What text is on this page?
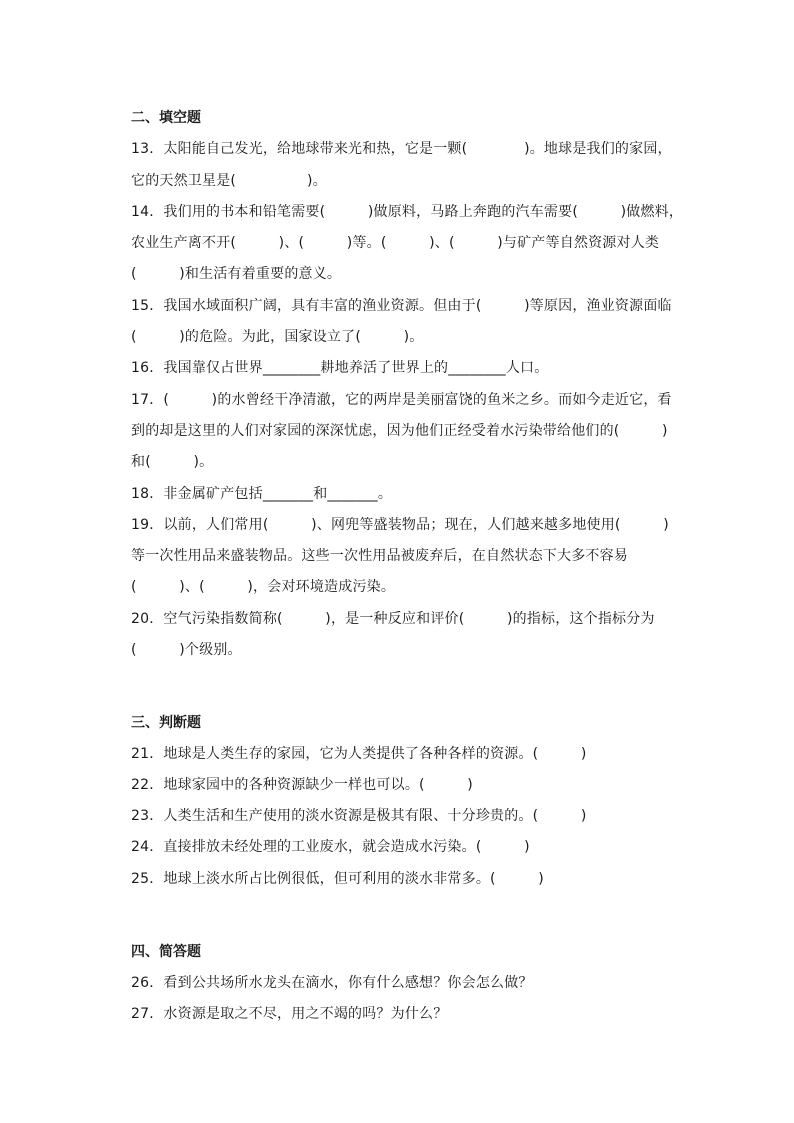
二、填空题
13．太阳能自己发光，给地球带来光和热，它是一颗(　　　　)。地球是我们的家园，
它的天然卫星是(　　　　　)。
14．我们用的书本和铅笔需要(　　　)做原料，马路上奔跑的汽车需要(　　　)做燃料，
农业生产离不开(　　　)、(　　　)等。(　　　)、(　　　)与矿产等自然资源对人类
(　　　)和生活有着重要的意义。
15．我国水域面积广阔，具有丰富的渔业资源。但由于(　　　)等原因，渔业资源面临
(　　　)的危险。为此，国家设立了(　　　)。
16．我国靠仅占世界________耕地养活了世界上的________人口。
17．(　　　)的水曾经干净清澈，它的两岸是美丽富饶的鱼米之乡。而如今走近它，看
到的却是这里的人们对家园的深深忧虑，因为他们正经受着水污染带给他们的(　　　)
和(　　　)。
18．非金属矿产包括_______和_______。
19．以前，人们常用(　　　)、网兜等盛装物品；现在，人们越来越多地使用(　　　)
等一次性用品来盛装物品。这些一次性用品被废弃后，在自然状态下大多不容易
(　　　)、(　　　)，会对环境造成污染。
20．空气污染指数简称(　　　)，是一种反应和评价(　　　)的指标，这个指标分为
(　　　)个级别。
三、判断题
21．地球是人类生存的家园，它为人类提供了各种各样的资源。(　　　)
22．地球家园中的各种资源缺少一样也可以。(　　　)
23．人类生活和生产使用的淡水资源是极其有限、十分珍贵的。(　　　)
24．直接排放未经处理的工业废水，就会造成水污染。(　　　)
25．地球上淡水所占比例很低，但可利用的淡水非常多。(　　　)
四、简答题
26．看到公共场所水龙头在滴水，你有什么感想？你会怎么做？
27．水资源是取之不尽，用之不竭的吗？为什么？
